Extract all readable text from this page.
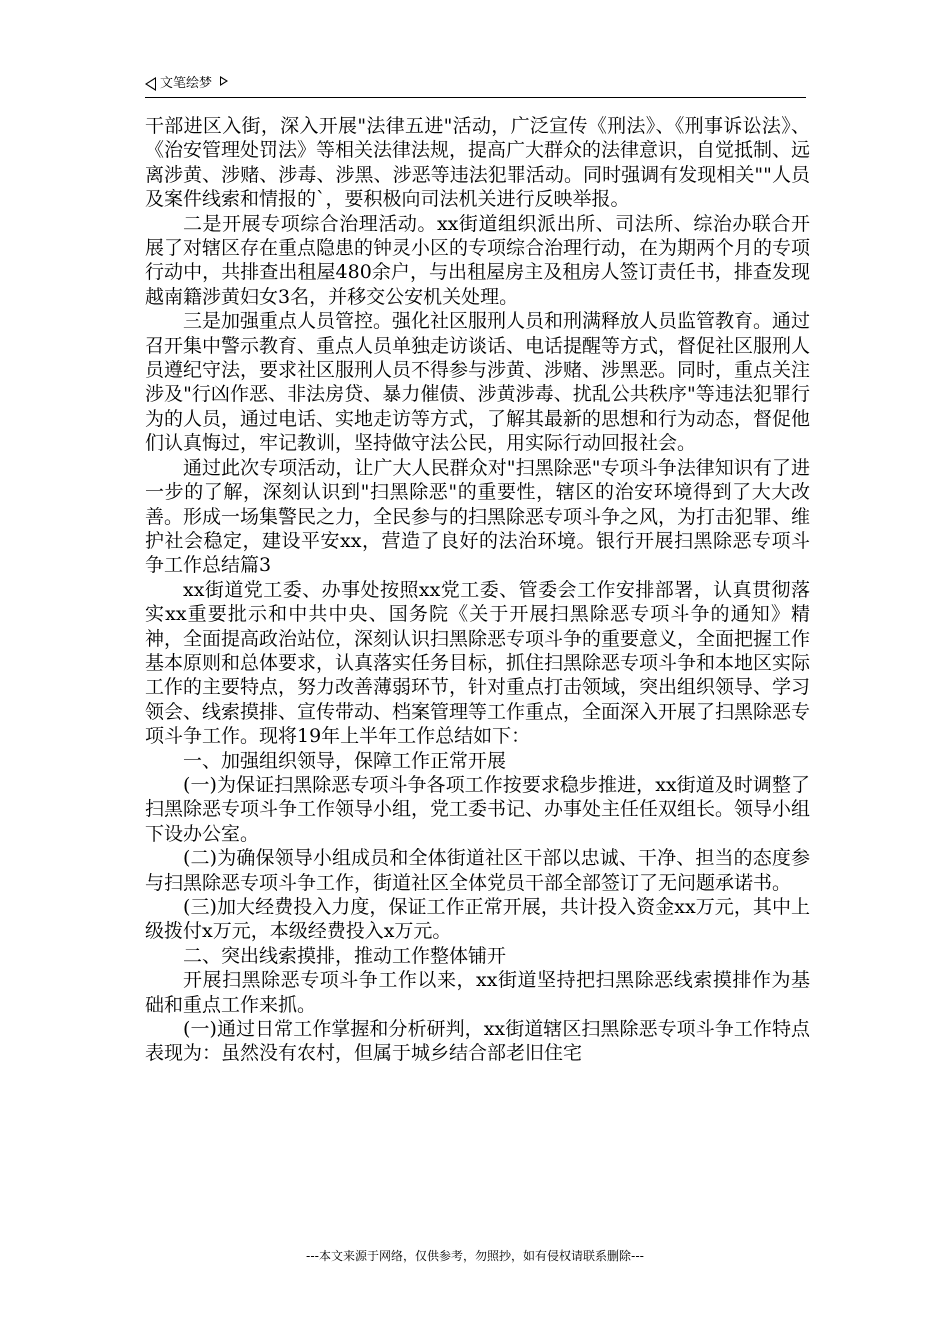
文笔绘梦

干部进区入街，深入开展"法律五进"活动，广泛宣传《刑法》、《刑事诉讼法》、《治安管理处罚法》等相关法律法规，提高广大群众的法律意识，自觉抵制、远离涉黄、涉赌、涉毒、涉黑、涉恶等违法犯罪活动。同时强调有发现相关""人员及案件线索和情报的`，要积极向司法机关进行反映举报。

二是开展专项综合治理活动。xx街道组织派出所、司法所、综治办联合开展了对辖区存在重点隐患的钟灵小区的专项综合治理行动，在为期两个月的专项行动中，共排查出租屋480余户，与出租屋房主及租房人签订责任书，排查发现越南籍涉黄妇女3名，并移交公安机关处理。

三是加强重点人员管控。强化社区服刑人员和刑满释放人员监管教育。通过召开集中警示教育、重点人员单独走访谈话、电话提醒等方式，督促社区服刑人员遵纪守法，要求社区服刑人员不得参与涉黄、涉赌、涉黑恶。同时，重点关注涉及"行凶作恶、非法房贷、暴力催债、涉黄涉毒、扰乱公共秩序"等违法犯罪行为的人员，通过电话、实地走访等方式，了解其最新的思想和行为动态，督促他们认真悔过，牢记教训，坚持做守法公民，用实际行动回报社会。

通过此次专项活动，让广大人民群众对"扫黑除恶"专项斗争法律知识有了进一步的了解，深刻认识到"扫黑除恶"的重要性，辖区的治安环境得到了大大改善。形成一场集警民之力，全民参与的扫黑除恶专项斗争之风，为打击犯罪、维护社会稳定，建设平安xx，营造了良好的法治环境。银行开展扫黑除恶专项斗争工作总结篇3

xx街道党工委、办事处按照xx党工委、管委会工作安排部署，认真贯彻落实xx重要批示和中共中央、国务院《关于开展扫黑除恶专项斗争的通知》精神，全面提高政治站位，深刻认识扫黑除恶专项斗争的重要意义，全面把握工作基本原则和总体要求，认真落实任务目标，抓住扫黑除恶专项斗争和本地区实际工作的主要特点，努力改善薄弱环节，针对重点打击领域，突出组织领导、学习领会、线索摸排、宣传带动、档案管理等工作重点，全面深入开展了扫黑除恶专项斗争工作。现将19年上半年工作总结如下：

一、加强组织领导，保障工作正常开展

(一)为保证扫黑除恶专项斗争各项工作按要求稳步推进，xx街道及时调整了扫黑除恶专项斗争工作领导小组，党工委书记、办事处主任任双组长。领导小组下设办公室。

(二)为确保领导小组成员和全体街道社区干部以忠诚、干净、担当的态度参与扫黑除恶专项斗争工作，街道社区全体党员干部全部签订了无问题承诺书。

(三)加大经费投入力度，保证工作正常开展，共计投入资金xx万元，其中上级拨付x万元，本级经费投入x万元。

二、突出线索摸排，推动工作整体铺开

开展扫黑除恶专项斗争工作以来，xx街道坚持把扫黑除恶线索摸排作为基础和重点工作来抓。

(一)通过日常工作掌握和分析研判，xx街道辖区扫黑除恶专项斗争工作特点表现为：虽然没有农村，但属于城乡结合部老旧住宅

---本文来源于网络，仅供参考，勿照抄，如有侵权请联系删除---
